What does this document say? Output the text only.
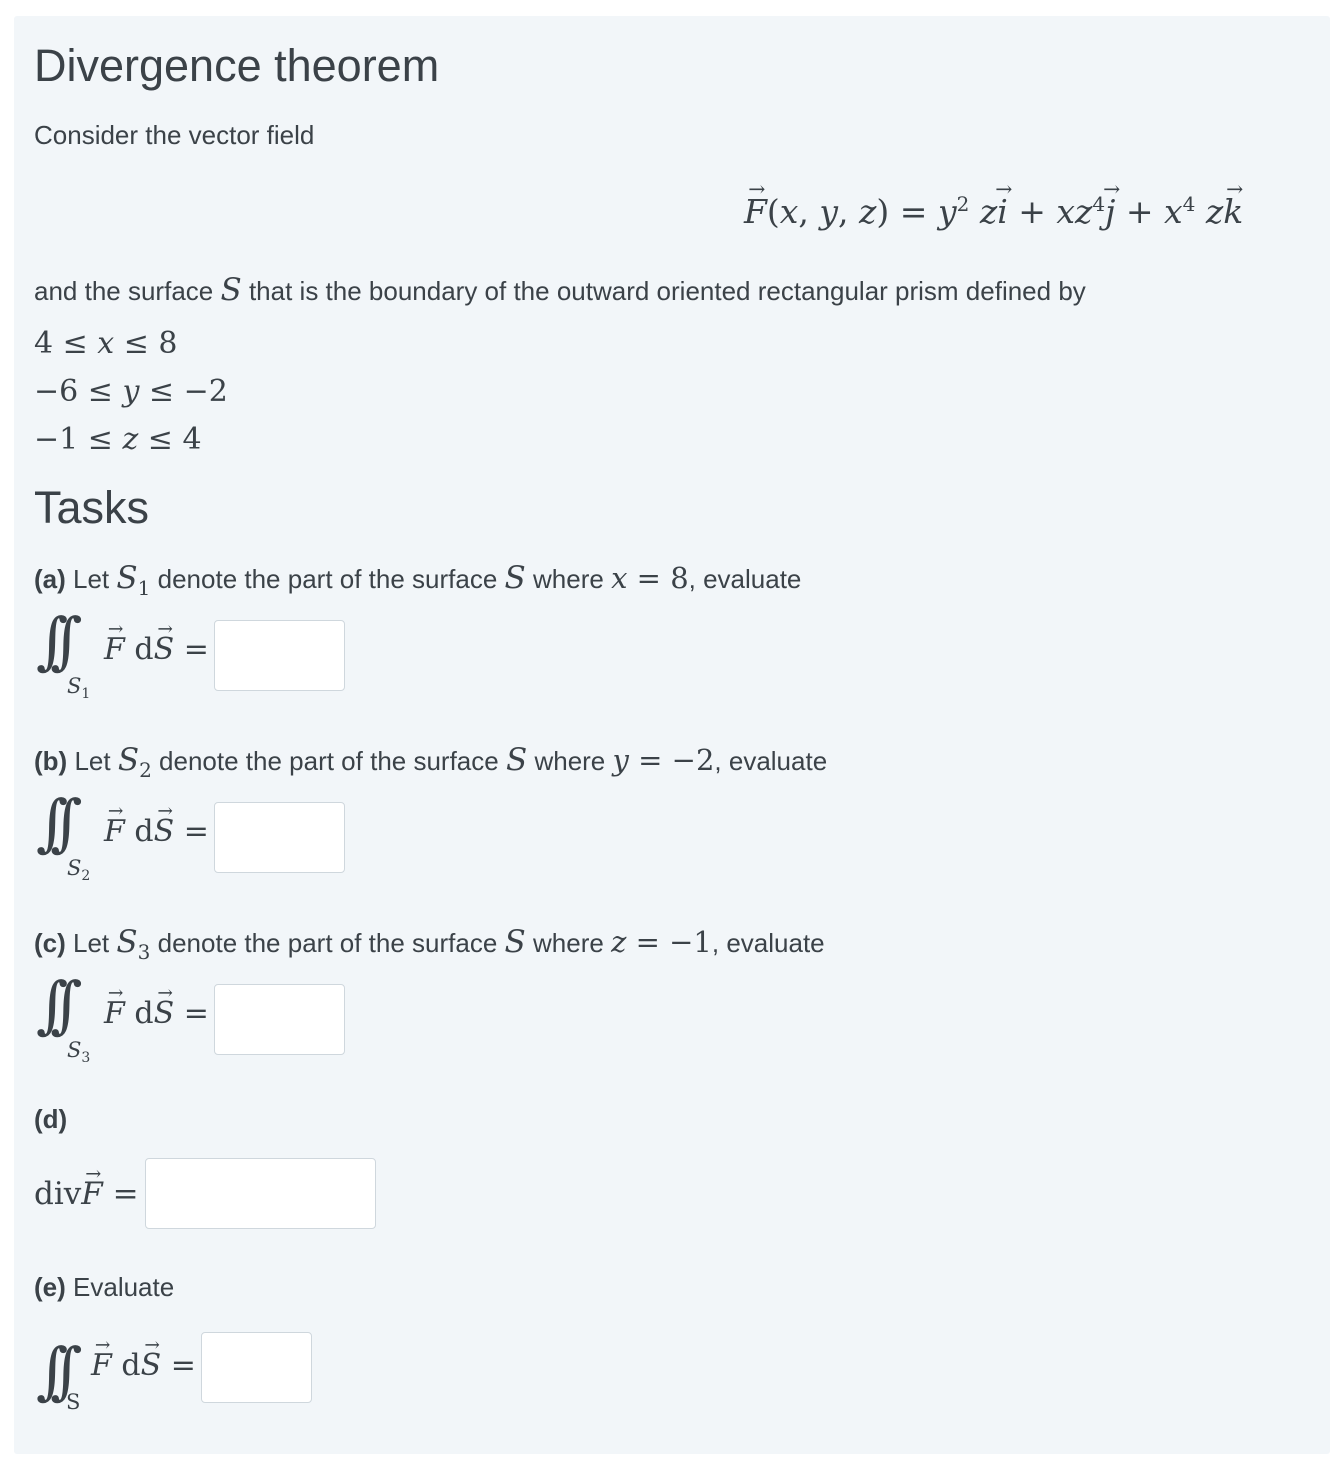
Divergence theorem
Consider the vector field
→ F(x, y, $z) = y^2$ $z\to i + xz^4\to j + x^4$ z→ k
and the surface S that is the boundary of the outward oriented rectangular prism defined by
4 ≤ x ≤ 8
−6 ≤ y ≤ −2
−1 ≤ z ≤ 4
Tasks
(a) Let $S_1$ denote the part of the surface S where x = 8, evaluate
∫∫
$S_1$
→ F d→ S =
(b) Let $S_2$ denote the part of the surface S where y = −2, evaluate
∫∫
$S_2$
→ F d→ S =
(c) Let $S_3$ denote the part of the surface S where z = −1, evaluate
∫∫
$S_3$
→ F d→ S =
(d)
div→ F =
(e) Evaluate
∫∫ S
→ F d→ S =
